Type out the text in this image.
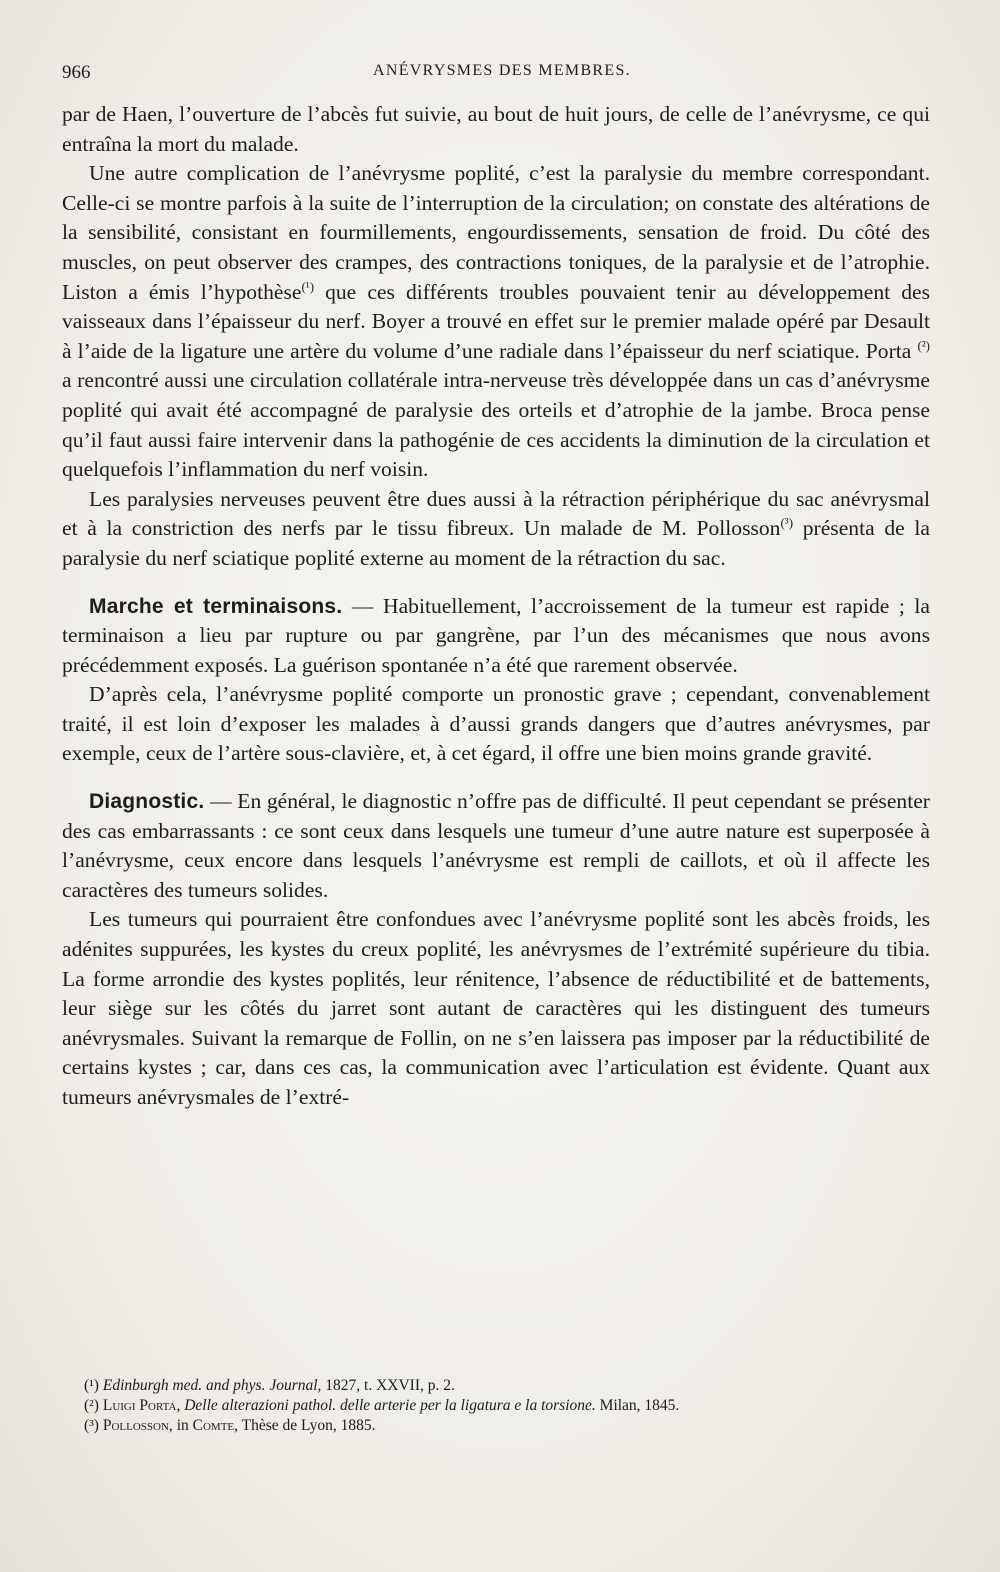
966	ANÉVRYSMES DES MEMBRES.

par de Haen, l’ouverture de l’abcès fut suivie, au bout de huit jours, de celle de l’anévrysme, ce qui entraîna la mort du malade.

Une autre complication de l’anévrysme poplité, c’est la paralysie du membre correspondant. Celle-ci se montre parfois à la suite de l’interruption de la circulation; on constate des altérations de la sensibilité, consistant en fourmillements, engourdissements, sensation de froid. Du côté des muscles, on peut observer des crampes, des contractions toniques, de la paralysie et de l’atrophie. Liston a émis l’hypothèse$^{(^1)}$ que ces différents troubles pouvaient tenir au développement des vaisseaux dans l’épaisseur du nerf. Boyer a trouvé en effet sur le premier malade opéré par Desault à l’aide de la ligature une artère du volume d’une radiale dans l’épaisseur du nerf sciatique. Porta $^{(^2)}$ a rencontré aussi une circulation collatérale intra-nerveuse très développée dans un cas d’anévrysme poplité qui avait été accompagné de paralysie des orteils et d’atrophie de la jambe. Broca pense qu’il faut aussi faire intervenir dans la pathogénie de ces accidents la diminution de la circulation et quelquefois l’inflammation du nerf voisin.

Les paralysies nerveuses peuvent être dues aussi à la rétraction périphérique du sac anévrysmal et à la constriction des nerfs par le tissu fibreux. Un malade de M. Pollosson$^{(^3)}$ présenta de la paralysie du nerf sciatique poplité externe au moment de la rétraction du sac.

Marche et terminaisons. — Habituellement, l’accroissement de la tumeur est rapide ; la terminaison a lieu par rupture ou par gangrène, par l’un des mécanismes que nous avons précédemment exposés. La guérison spontanée n’a été que rarement observée.

D’après cela, l’anévrysme poplité comporte un pronostic grave ; cependant, convenablement traité, il est loin d’exposer les malades à d’aussi grands dangers que d’autres anévrysmes, par exemple, ceux de l’artère sous-clavière, et, à cet égard, il offre une bien moins grande gravité.

Diagnostic. — En général, le diagnostic n’offre pas de difficulté. Il peut cependant se présenter des cas embarrassants : ce sont ceux dans lesquels une tumeur d’une autre nature est superposée à l’anévrysme, ceux encore dans lesquels l’anévrysme est rempli de caillots, et où il affecte les caractères des tumeurs solides.

Les tumeurs qui pourraient être confondues avec l’anévrysme poplité sont les abcès froids, les adénites suppurées, les kystes du creux poplité, les anévrysmes de l’extrémité supérieure du tibia. La forme arrondie des kystes poplités, leur rénitence, l’absence de réductibilité et de battements, leur siège sur les côtés du jarret sont autant de caractères qui les distinguent des tumeurs anévrysmales. Suivant la remarque de Follin, on ne s’en laissera pas imposer par la réductibilité de certains kystes ; car, dans ces cas, la communication avec l’articulation est évidente. Quant aux tumeurs anévrysmales de l’extré-

(¹) Edinburgh med. and phys. Journal, 1827, t. XXVII, p. 2.

(²) Luigi Porta, Delle alterazioni pathol. delle arterie per la ligatura e la torsione. Milan, 1845.

(³) Pollosson, in Comte, Thèse de Lyon, 1885.
